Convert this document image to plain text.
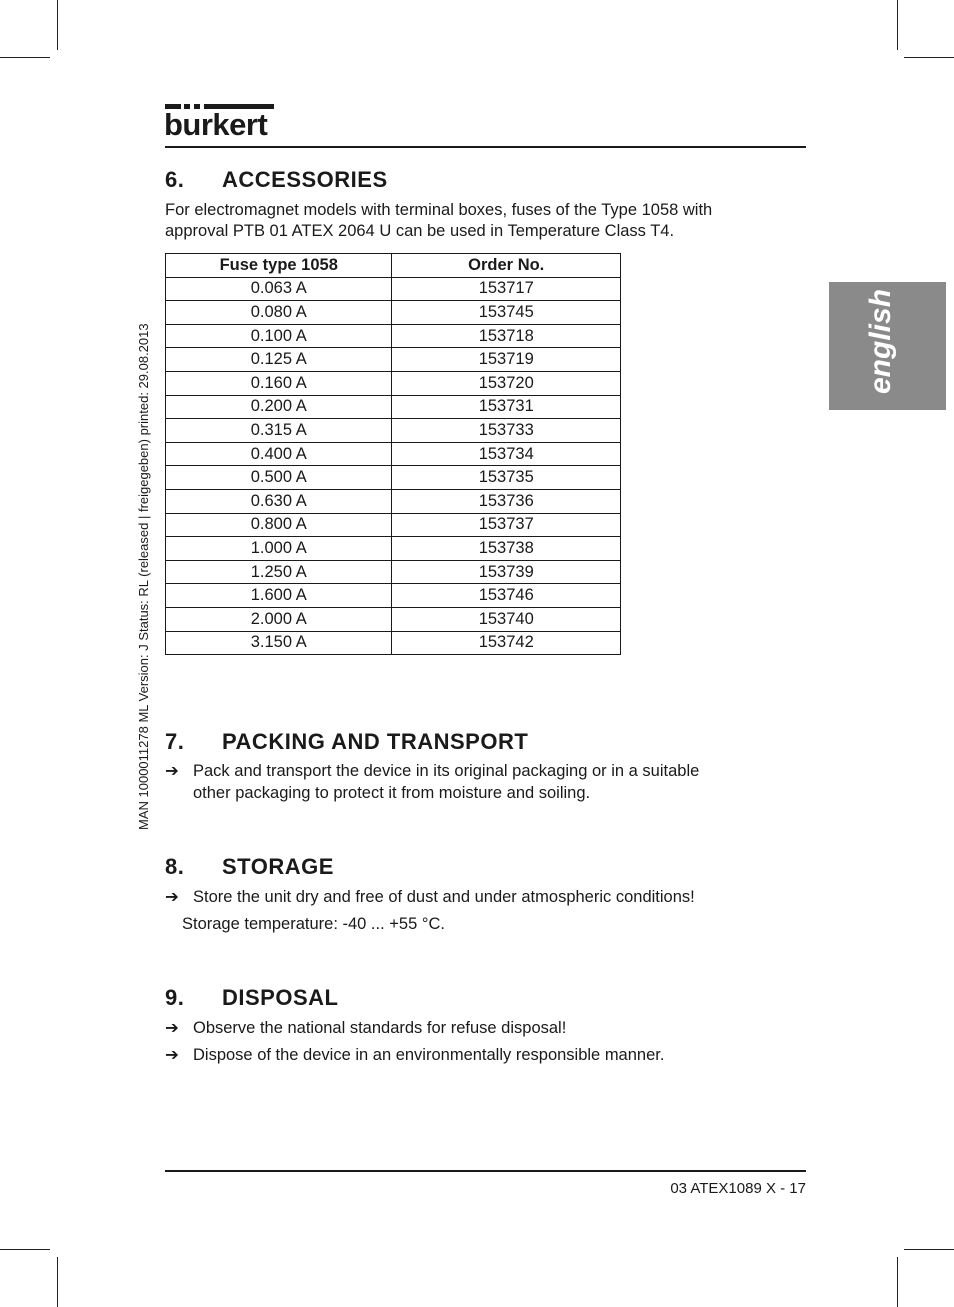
burkert
MAN 1000011278 ML Version: J Status: RL (released | freigegeben) printed: 29.08.2013	english
6. ACCESSORIES
For electromagnet models with terminal boxes, fuses of the Type 1058 with
approval PTB 01 ATEX 2064 U can be used in Temperature Class T4.
Fuse type 1058	Order No.
0.063 A	153717
0.080 A	153745
0.100 A	153718
0.125 A	153719
0.160 A	153720
0.200 A	153731
0.315 A	153733
0.400 A	153734
0.500 A	153735
0.630 A	153736
0.800 A	153737
1.000 A	153738
1.250 A	153739
1.600 A	153746
2.000 A	153740
3.150 A	153742
7. PACKING AND TRANSPORT
➔ Pack and transport the device in its original packaging or in a suitable
other packaging to protect it from moisture and soiling.
8. STORAGE
➔ Store the unit dry and free of dust and under atmospheric conditions!
Storage temperature: -40 ... +55 °C.
9. DISPOSAL
➔ Observe the national standards for refuse disposal!
➔ Dispose of the device in an environmentally responsible manner.
03 ATEX1089 X - 17
